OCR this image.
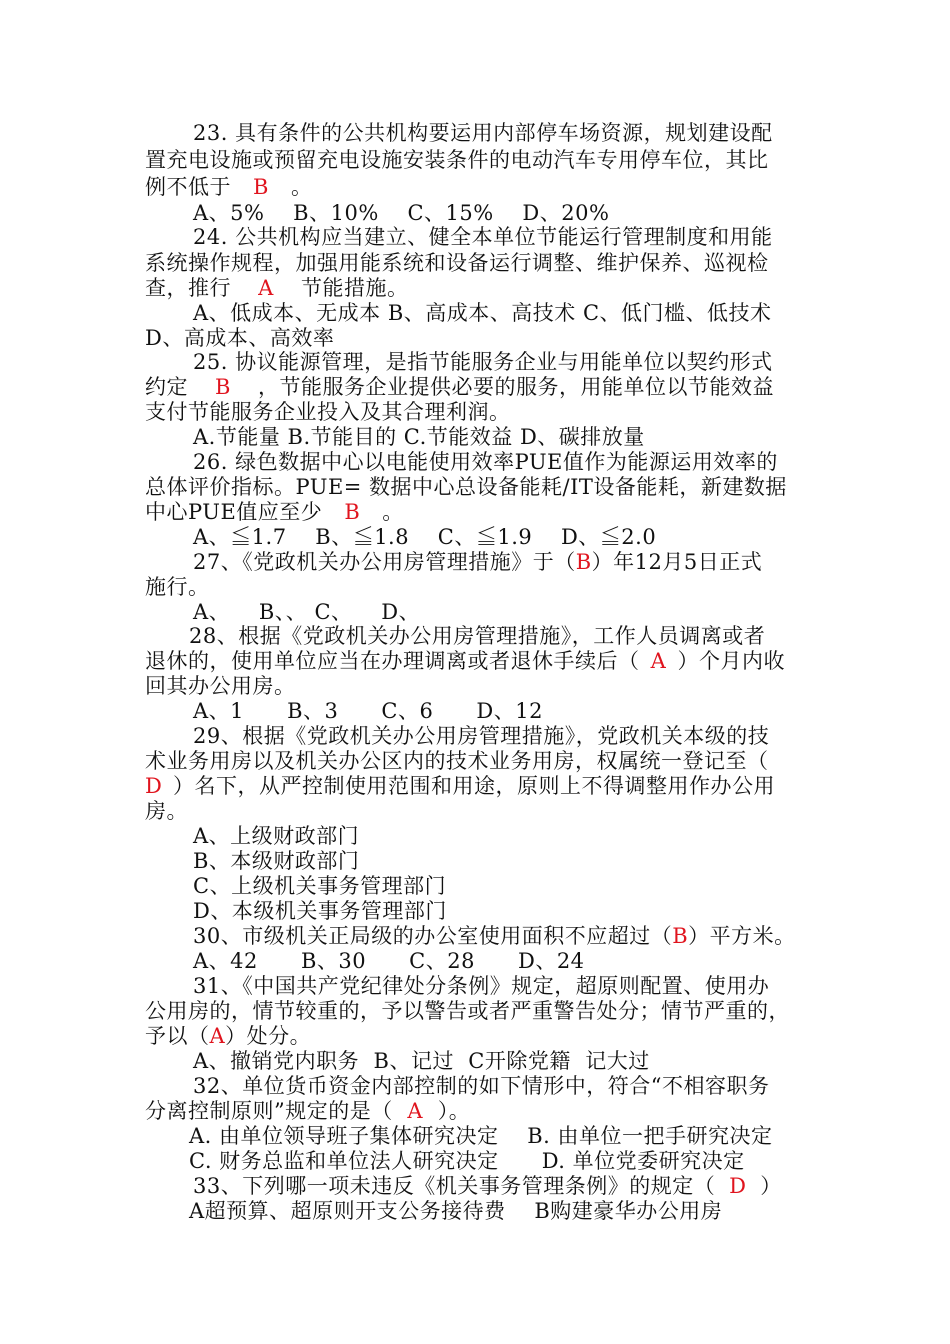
23. 具有条件的公共机构要运用内部停车场资源，规划建设配
置充电设施或预留充电设施安装条件的电动汽车专用停车位，其比
例不低于 B 。
A、5%    B、10%    C、15%    D、20%
24. 公共机构应当建立、健全本单位节能运行管理制度和用能
系统操作规程，加强用能系统和设备运行调整、维护保养、巡视检
查，推行 A 节能措施。
A、低成本、无成本 B、高成本、高技术 C、低门槛、低技术
D、高成本、高效率
25. 协议能源管理，是指节能服务企业与用能单位以契约形式
约定 B ，节能服务企业提供必要的服务，用能单位以节能效益
支付节能服务企业投入及其合理利润。
A.节能量 B.节能目的 C.节能效益 D、碳排放量
26. 绿色数据中心以电能使用效率PUE值作为能源运用效率的
总体评价指标。PUE= 数据中心总设备能耗/IT设备能耗，新建数据
中心PUE值应至少 B 。
A、≦1.7    B、≦1.8    C、≦1.9    D、≦2.0
27、《党政机关办公用房管理措施》于（B）年12月5日正式
施行。
A、    B、、 C、    D、
28、根据《党政机关办公用房管理措施》，工作人员调离或者
退休的，使用单位应当在办理调离或者退休手续后（ A ）个月内收
回其办公用房。
A、1      B、3      C、6      D、12
29、根据《党政机关办公用房管理措施》，党政机关本级的技
术业务用房以及机关办公区内的技术业务用房，权属统一登记至（
D ）名下，从严控制使用范围和用途，原则上不得调整用作办公用
房。
A、上级财政部门
B、本级财政部门
C、上级机关事务管理部门
D、本级机关事务管理部门
30、市级机关正局级的办公室使用面积不应超过（B）平方米。
A、42      B、30      C、28      D、24
31、《中国共产党纪律处分条例》规定，超原则配置、使用办
公用房的，情节较重的，予以警告或者严重警告处分；情节严重的，
予以（A）处分。
A、撤销党内职务  B、记过  C开除党籍  记大过
32、单位货币资金内部控制的如下情形中，符合“不相容职务
分离控制原则”规定的是（ A ）。
A. 由单位领导班子集体研究决定    B. 由单位一把手研究决定
C. 财务总监和单位法人研究决定      D. 单位党委研究决定
33、下列哪一项未违反《机关事务管理条例》的规定（ D ）
A超预算、超原则开支公务接待费    B购建豪华办公用房
